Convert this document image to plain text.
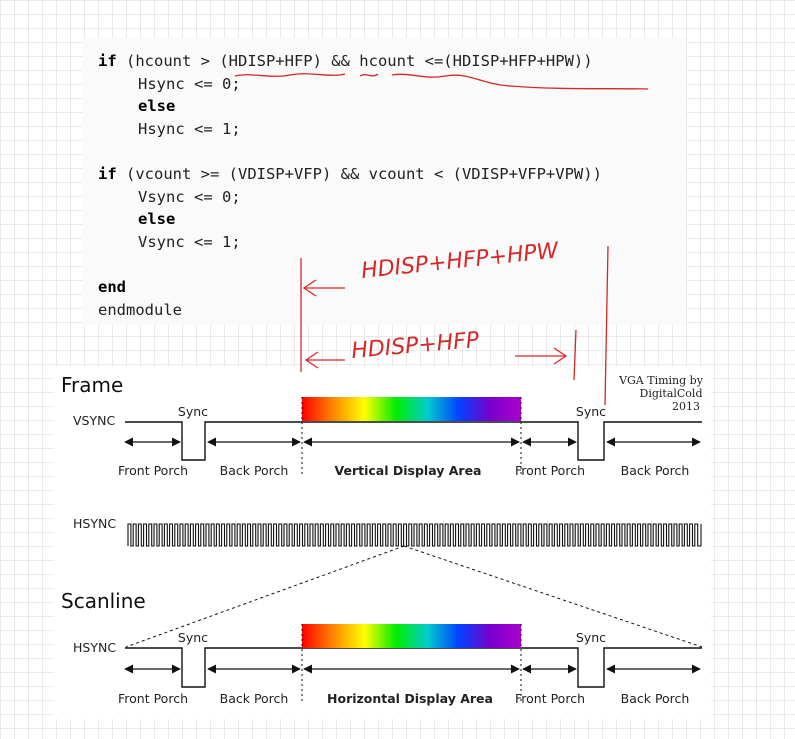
if (hcount > (HDISP+HFP) && hcount <=(HDISP+HFP+HPW))

Hsync <= 0;

else

Hsync <= 1;

if (vcount >= (VDISP+VFP) && vcount < (VDISP+VFP+VPW))

Vsync <= 0;

else

Vsync <= 1;

end

endmodule

Frame	VGA Timing by
DigitalCold
2013
VSYNC
Sync	Sync
Front Porch	Back Porch	Vertical Display Area	Front Porch	Back Porch
HSYNC
Scanline
HSYNC
Sync	Sync
Front Porch	Back Porch	Horizontal Display Area Front Porch	Back Porch
HDISP+HFP+HPW
HDISP+HFP
